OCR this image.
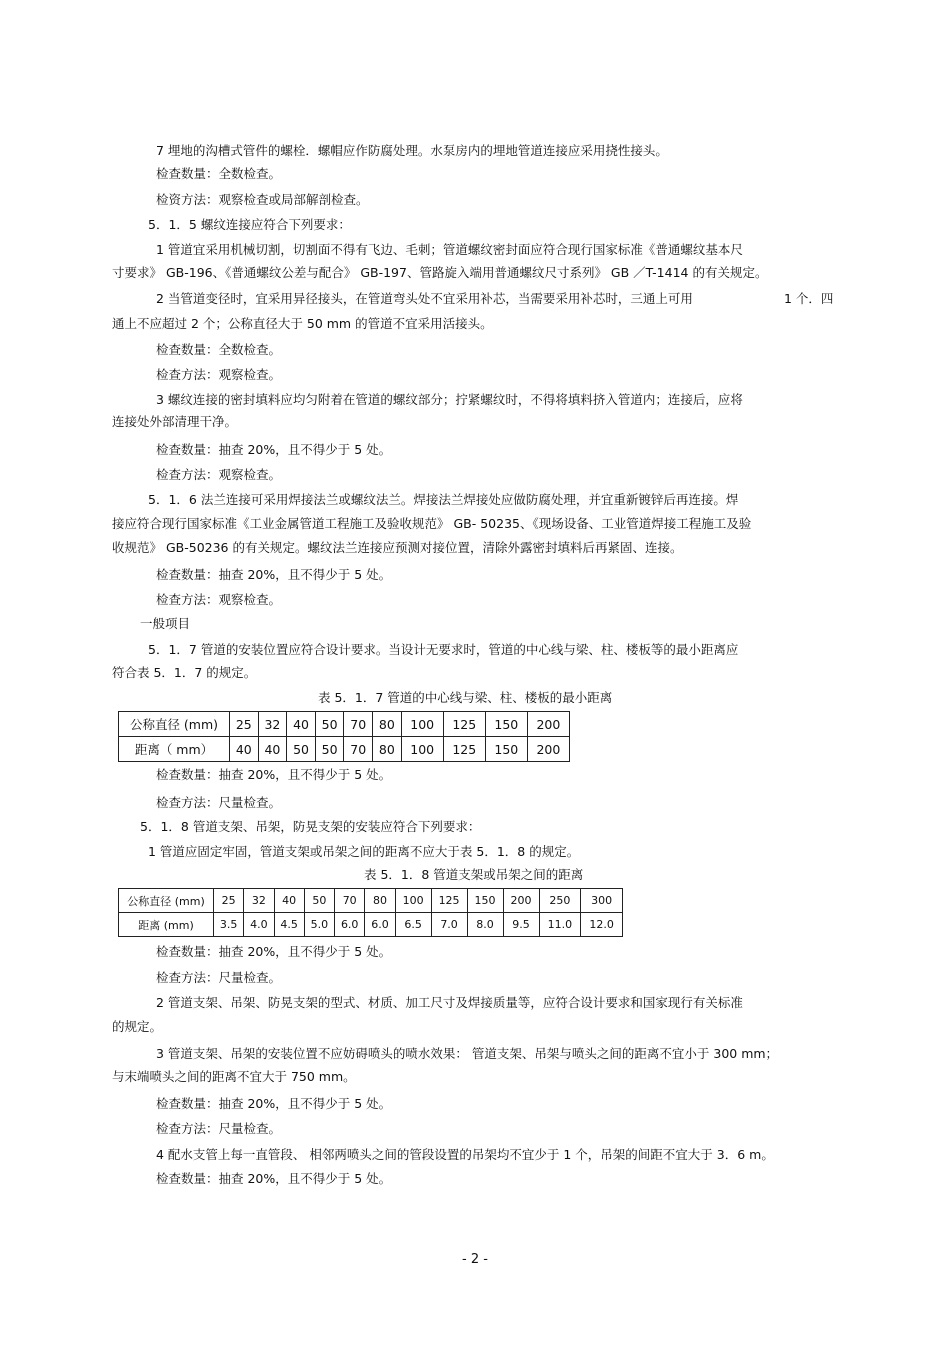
7 埋地的沟槽式管件的螺栓．螺帽应作防腐处理。水泵房内的埋地管道连接应采用挠性接头。
检查数量：全数检查。
检资方法：观察检查或局部解剖检查。
5．1．5 螺纹连接应符合下列要求：
1 管道宜采用机械切割，切割面不得有飞边、毛刺；管道螺纹密封面应符合现行国家标准《普通螺纹基本尺
寸要求》 GB-196、《普通螺纹公差与配合》 GB-197、管路旋入端用普通螺纹尺寸系列》 GB ／T-1414 的有关规定。
2 当管道变径时，宜采用异径接头，在管道弯头处不宜采用补芯，当需要采用补芯时，三通上可用	1 个．四
通上不应超过 2 个；公称直径大于 50 mm 的管道不宜采用活接头。
检查数量：全数检查。
检查方法：观察检查。
3 螺纹连接的密封填料应均匀附着在管道的螺纹部分；拧紧螺纹时，不得将填料挤入管道内；连接后，应将
连接处外部清理干净。
检查数量：抽查 20%，且不得少于 5 处。
检查方法：观察检查。
5．1．6 法兰连接可采用焊接法兰或螺纹法兰。焊接法兰焊接处应做防腐处理，并宜重新镀锌后再连接。焊
接应符合现行国家标准《工业金属管道工程施工及验收规范》 GB- 50235、《现场设备、工业管道焊接工程施工及验
收规范》 GB-50236 的有关规定。螺纹法兰连接应预测对接位置，清除外露密封填料后再紧固、连接。
检查数量：抽查 20%，且不得少于 5 处。
检查方法：观察检查。
一般项目
5．1．7 管道的安装位置应符合设计要求。当设计无要求时，管道的中心线与梁、柱、楼板等的最小距离应
符合表 5．1．7 的规定。
表 5．1．7 管道的中心线与梁、柱、楼板的最小距离
公称直径 (mm)	25	32	40	50	70	80	100	125	150	200
距离（ mm）	40	40	50	50	70	80	100	125	150	200
检查数量：抽查 20%，且不得少于 5 处。
检查方法：尺量检查。
5．1．8 管道支架、吊架，防晃支架的安装应符合下列要求：
1 管道应固定牢固，管道支架或吊架之间的距离不应大于表 5．1．8 的规定。
表 5．1．8 管道支架或吊架之间的距离
公称直径 (mm)	25	32	40	50	70	80	100	125	150	200	250	300
距离 (mm)	3.5	4.0	4.5	5.0	6.0	6.0	6.5	7.0	8.0	9.5	11.0	12.0
检查数量：抽查 20%，且不得少于 5 处。
检查方法：尺量检查。
2 管道支架、吊架、防晃支架的型式、材质、加工尺寸及焊接质量等，应符合设计要求和国家现行有关标准
的规定。
3 管道支架、吊架的安装位置不应妨碍喷头的喷水效果： 管道支架、吊架与喷头之间的距离不宜小于 300 mm；
与末端喷头之间的距离不宜大于 750 mm。
检查数量：抽查 20%，且不得少于 5 处。
检查方法：尺量检查。
4 配水支管上每一直管段、 相邻两喷头之间的管段设置的吊架均不宜少于 1 个，吊架的间距不宜大于 3．6 m。
检查数量：抽查 20%，且不得少于 5 处。
- 2 -
